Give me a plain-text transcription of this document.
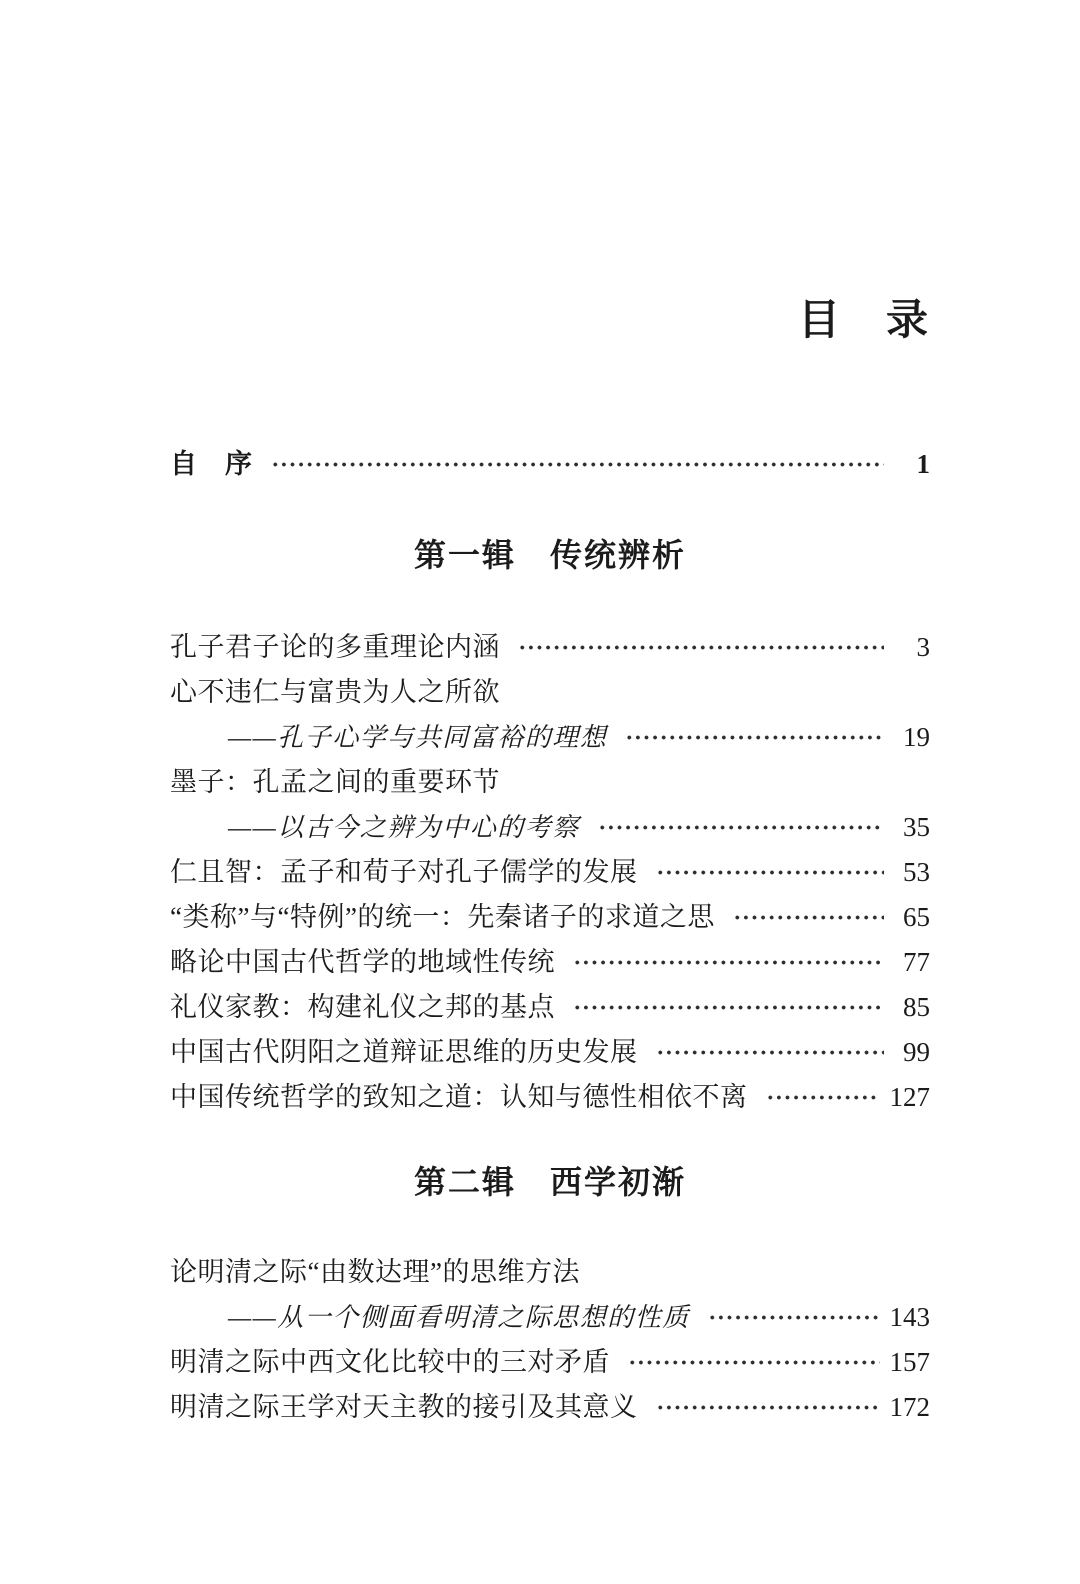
目　录
自　序	1
第一辑　传统辨析
孔子君子论的多重理论内涵	3
心不违仁与富贵为人之所欲
——孔子心学与共同富裕的理想	19
墨子：孔孟之间的重要环节
——以古今之辨为中心的考察	35
仁且智：孟子和荀子对孔子儒学的发展	53
“类称”与“特例”的统一：先秦诸子的求道之思	65
略论中国古代哲学的地域性传统	77
礼仪家教：构建礼仪之邦的基点	85
中国古代阴阳之道辩证思维的历史发展	99
中国传统哲学的致知之道：认知与德性相依不离	127
第二辑　西学初渐
论明清之际“由数达理”的思维方法
——从一个侧面看明清之际思想的性质	143
明清之际中西文化比较中的三对矛盾	157
明清之际王学对天主教的接引及其意义	172
